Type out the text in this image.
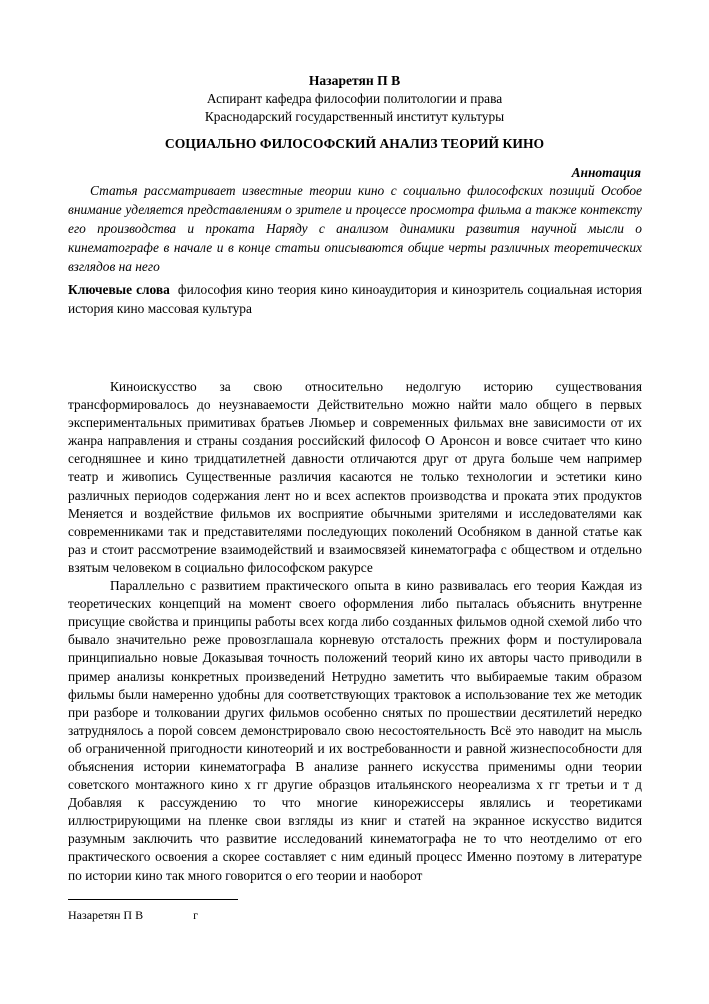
Назаретян П В
Аспирант кафедра философии политологии и права
Краснодарский государственный институт культуры
СОЦИАЛЬНО ФИЛОСОФСКИЙ АНАЛИЗ ТЕОРИЙ КИНО
Аннотация
Статья рассматривает известные теории кино с социально философских позиций Особое внимание уделяется представлениям о зрителе и процессе просмотра фильма а также контексту его производства и проката Наряду с анализом динамики развития научной мысли о кинематографе в начале и в конце статьи описываются общие черты различных теоретических взглядов на него
Ключевые слова философия кино теория кино киноаудитория и кинозритель социальная история история кино массовая культура

Киноискусство за свою относительно недолгую историю существования трансформировалось до неузнаваемости Действительно можно найти мало общего в первых экспериментальных примитивах братьев Люмьер и современных фильмах вне зависимости от их жанра направления и страны создания российский философ О Аронсон и вовсе считает что кино сегодняшнее и кино тридцатилетней давности отличаются друг от друга больше чем например театр и живопись Существенные различия касаются не только технологии и эстетики кино различных периодов содержания лент но и всех аспектов производства и проката этих продуктов Меняется и воздействие фильмов их восприятие обычными зрителями и исследователями как современниками так и представителями последующих поколений Особняком в данной статье как раз и стоит рассмотрение взаимодействий и взаимосвязей кинематографа с обществом и отдельно взятым человеком в социально философском ракурсе

Параллельно с развитием практического опыта в кино развивалась его теория Каждая из теоретических концепций на момент своего оформления либо пыталась объяснить внутренне присущие свойства и принципы работы всех когда либо созданных фильмов одной схемой либо что бывало значительно реже провозглашала корневую отсталость прежних форм и постулировала принципиально новые Доказывая точность положений теорий кино их авторы часто приводили в пример анализы конкретных произведений Нетрудно заметить что выбираемые таким образом фильмы были намеренно удобны для соответствующих трактовок а использование тех же методик при разборе и толковании других фильмов особенно снятых по прошествии десятилетий нередко затруднялось а порой совсем демонстрировало свою несостоятельность Всё это наводит на мысль об ограниченной пригодности кинотеорий и их востребованности и равной жизнеспособности для объяснения истории кинематографа В анализе раннего искусства применимы одни теории советского монтажного кино х гг другие образцов итальянского неореализма х гг третьи и т д Добавляя к рассуждению то что многие кинорежиссеры являлись и теоретиками иллюстрирующими на пленке свои взгляды из книг и статей на экранное искусство видится разумным заключить что развитие исследований кинематографа не то что неотделимо от его практического освоения а скорее составляет с ним единый процесс Именно поэтому в литературе по истории кино так много говорится о его теории и наоборот

Назаретян П В	г
